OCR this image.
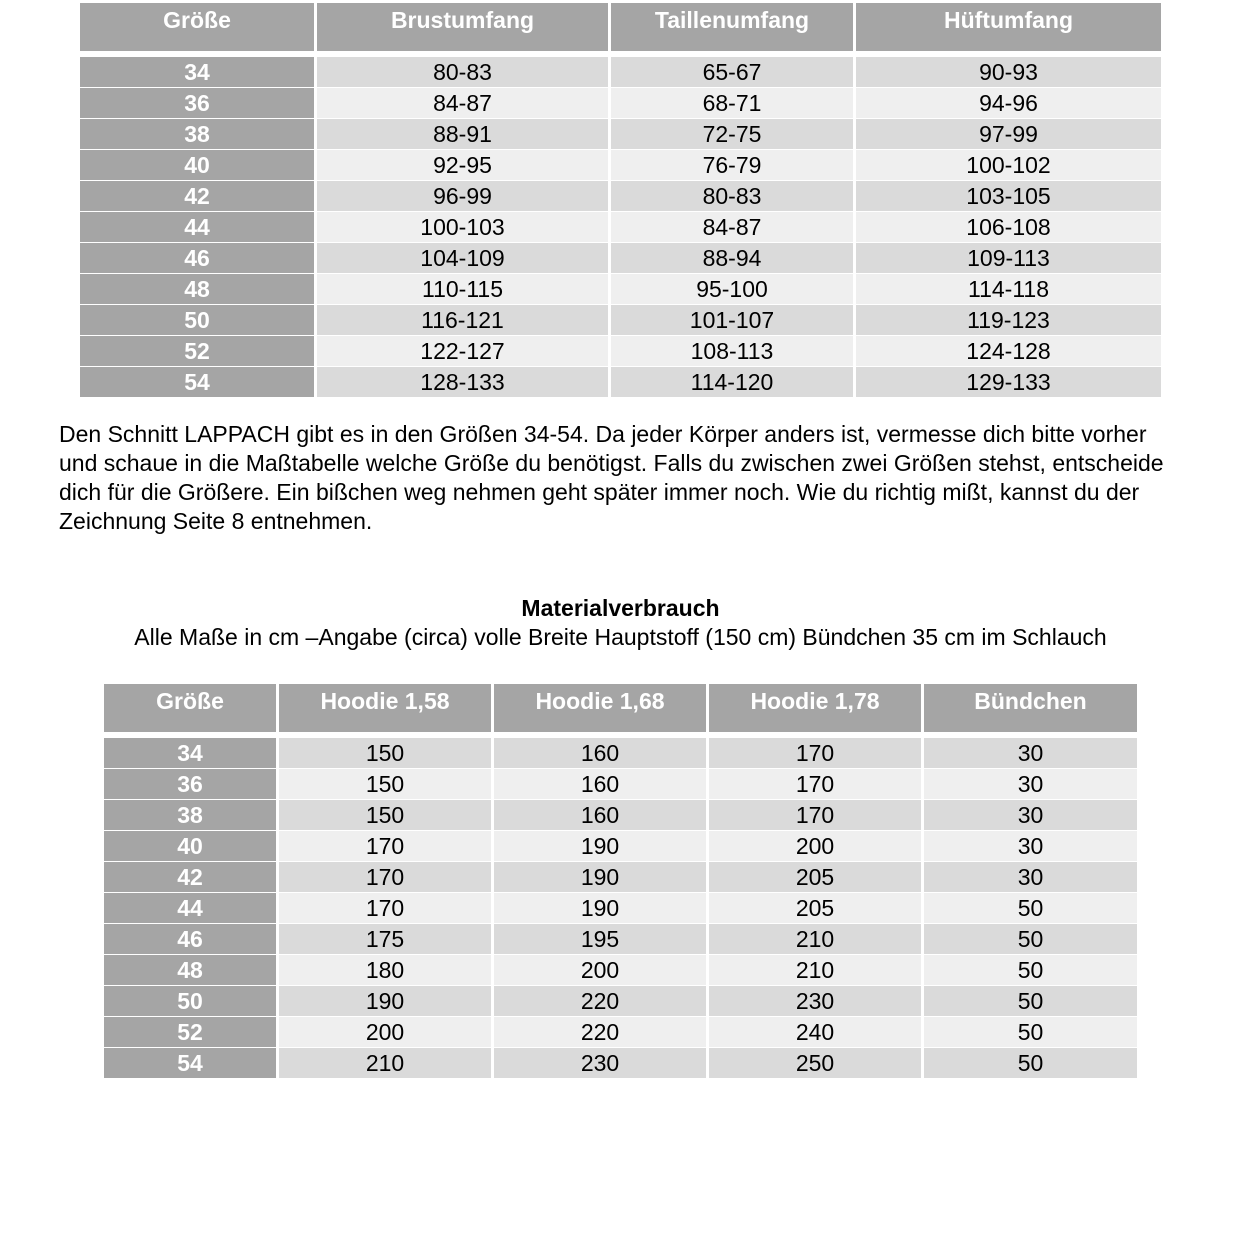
Größe	Brustumfang	Taillenumfang	Hüftumfang

34	80-83	65-67	90-93
36	84-87	68-71	94-96
38	88-91	72-75	97-99
40	92-95	76-79	100-102
42	96-99	80-83	103-105
44	100-103	84-87	106-108
46	104-109	88-94	109-113
48	110-115	95-100	114-118
50	116-121	101-107	119-123
52	122-127	108-113	124-128
54	128-133	114-120	129-133
Den Schnitt LAPPACH gibt es in den Größen 34-54. Da jeder Körper anders ist, vermesse dich bitte vorher und schaue in die Maßtabelle welche Größe du benötigst. Falls du zwischen zwei Größen stehst, entscheide dich für die Größere. Ein bißchen weg nehmen geht später immer noch. Wie du richtig mißt, kannst du der Zeichnung Seite 8 entnehmen.
Materialverbrauch
Alle Maße in cm –Angabe (circa) volle Breite Hauptstoff (150 cm) Bündchen 35 cm im Schlauch
Größe	Hoodie 1,58	Hoodie 1,68	Hoodie 1,78	Bündchen

34	150	160	170	30
36	150	160	170	30
38	150	160	170	30
40	170	190	200	30
42	170	190	205	30
44	170	190	205	50
46	175	195	210	50
48	180	200	210	50
50	190	220	230	50
52	200	220	240	50
54	210	230	250	50
